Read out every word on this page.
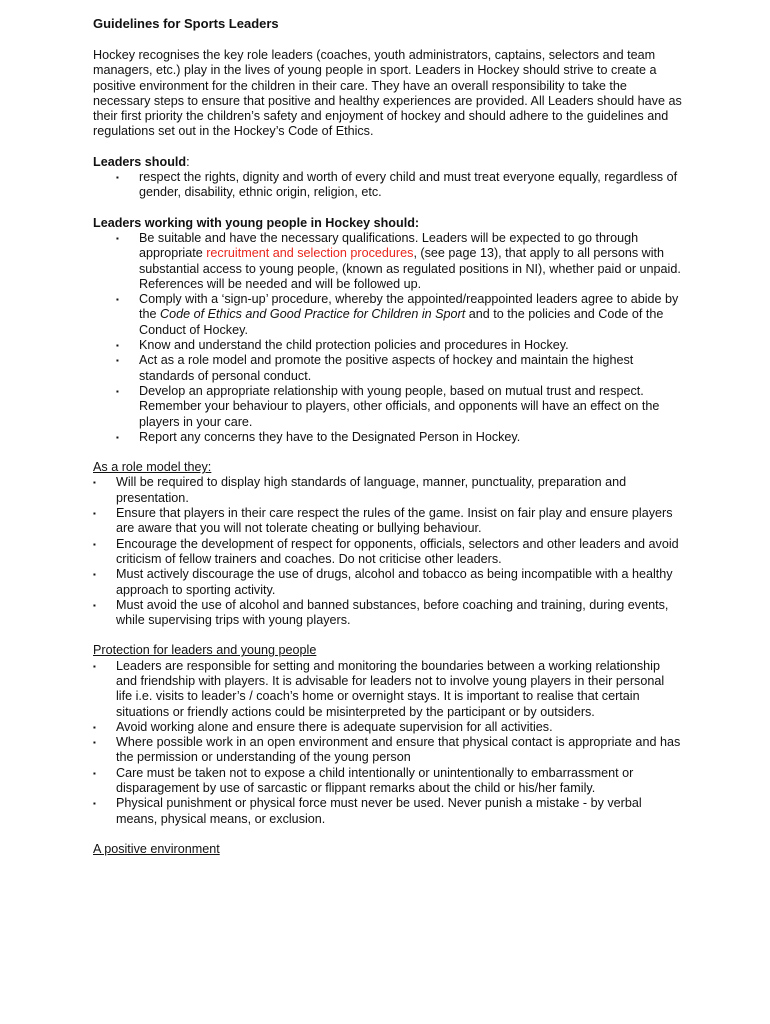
Guidelines for Sports Leaders

Hockey recognises the key role leaders (coaches, youth administrators, captains, selectors and team managers, etc.) play in the lives of young people in sport. Leaders in Hockey should strive to create a positive environment for the children in their care. They have an overall responsibility to take the necessary steps to ensure that positive and healthy experiences are provided. All Leaders should have as their first priority the children’s safety and enjoyment of hockey and should adhere to the guidelines and regulations set out in the Hockey’s Code of Ethics.

Leaders should:

▪ respect the rights, dignity and worth of every child and must treat everyone equally, regardless of gender, disability, ethnic origin, religion, etc.

Leaders working with young people in Hockey should:

▪ Be suitable and have the necessary qualifications. Leaders will be expected to go through appropriate recruitment and selection procedures, (see page 13), that apply to all persons with substantial access to young people, (known as regulated positions in NI), whether paid or unpaid. References will be needed and will be followed up.
▪ Comply with a ‘sign-up’ procedure, whereby the appointed/reappointed leaders agree to abide by the Code of Ethics and Good Practice for Children in Sport and to the policies and Code of the Conduct of Hockey.
▪ Know and understand the child protection policies and procedures in Hockey.
▪ Act as a role model and promote the positive aspects of hockey and maintain the highest standards of personal conduct.
▪ Develop an appropriate relationship with young people, based on mutual trust and respect. Remember your behaviour to players, other officials, and opponents will have an effect on the players in your care.
▪ Report any concerns they have to the Designated Person in Hockey.

As a role model they:

▪ Will be required to display high standards of language, manner, punctuality, preparation and presentation.
▪ Ensure that players in their care respect the rules of the game. Insist on fair play and ensure players are aware that you will not tolerate cheating or bullying behaviour.
▪ Encourage the development of respect for opponents, officials, selectors and other leaders and avoid criticism of fellow trainers and coaches. Do not criticise other leaders.
▪ Must actively discourage the use of drugs, alcohol and tobacco as being incompatible with a healthy approach to sporting activity.
▪ Must avoid the use of alcohol and banned substances, before coaching and training, during events, while supervising trips with young players.

Protection for leaders and young people

▪ Leaders are responsible for setting and monitoring the boundaries between a working relationship and friendship with players. It is advisable for leaders not to involve young players in their personal life i.e. visits to leader’s / coach’s home or overnight stays. It is important to realise that certain situations or friendly actions could be misinterpreted by the participant or by outsiders.
▪ Avoid working alone and ensure there is adequate supervision for all activities.
▪ Where possible work in an open environment and ensure that physical contact is appropriate and has the permission or understanding of the young person
▪ Care must be taken not to expose a child intentionally or unintentionally to embarrassment or disparagement by use of sarcastic or flippant remarks about the child or his/her family.
▪ Physical punishment or physical force must never be used. Never punish a mistake - by verbal means, physical means, or exclusion.

A positive environment
